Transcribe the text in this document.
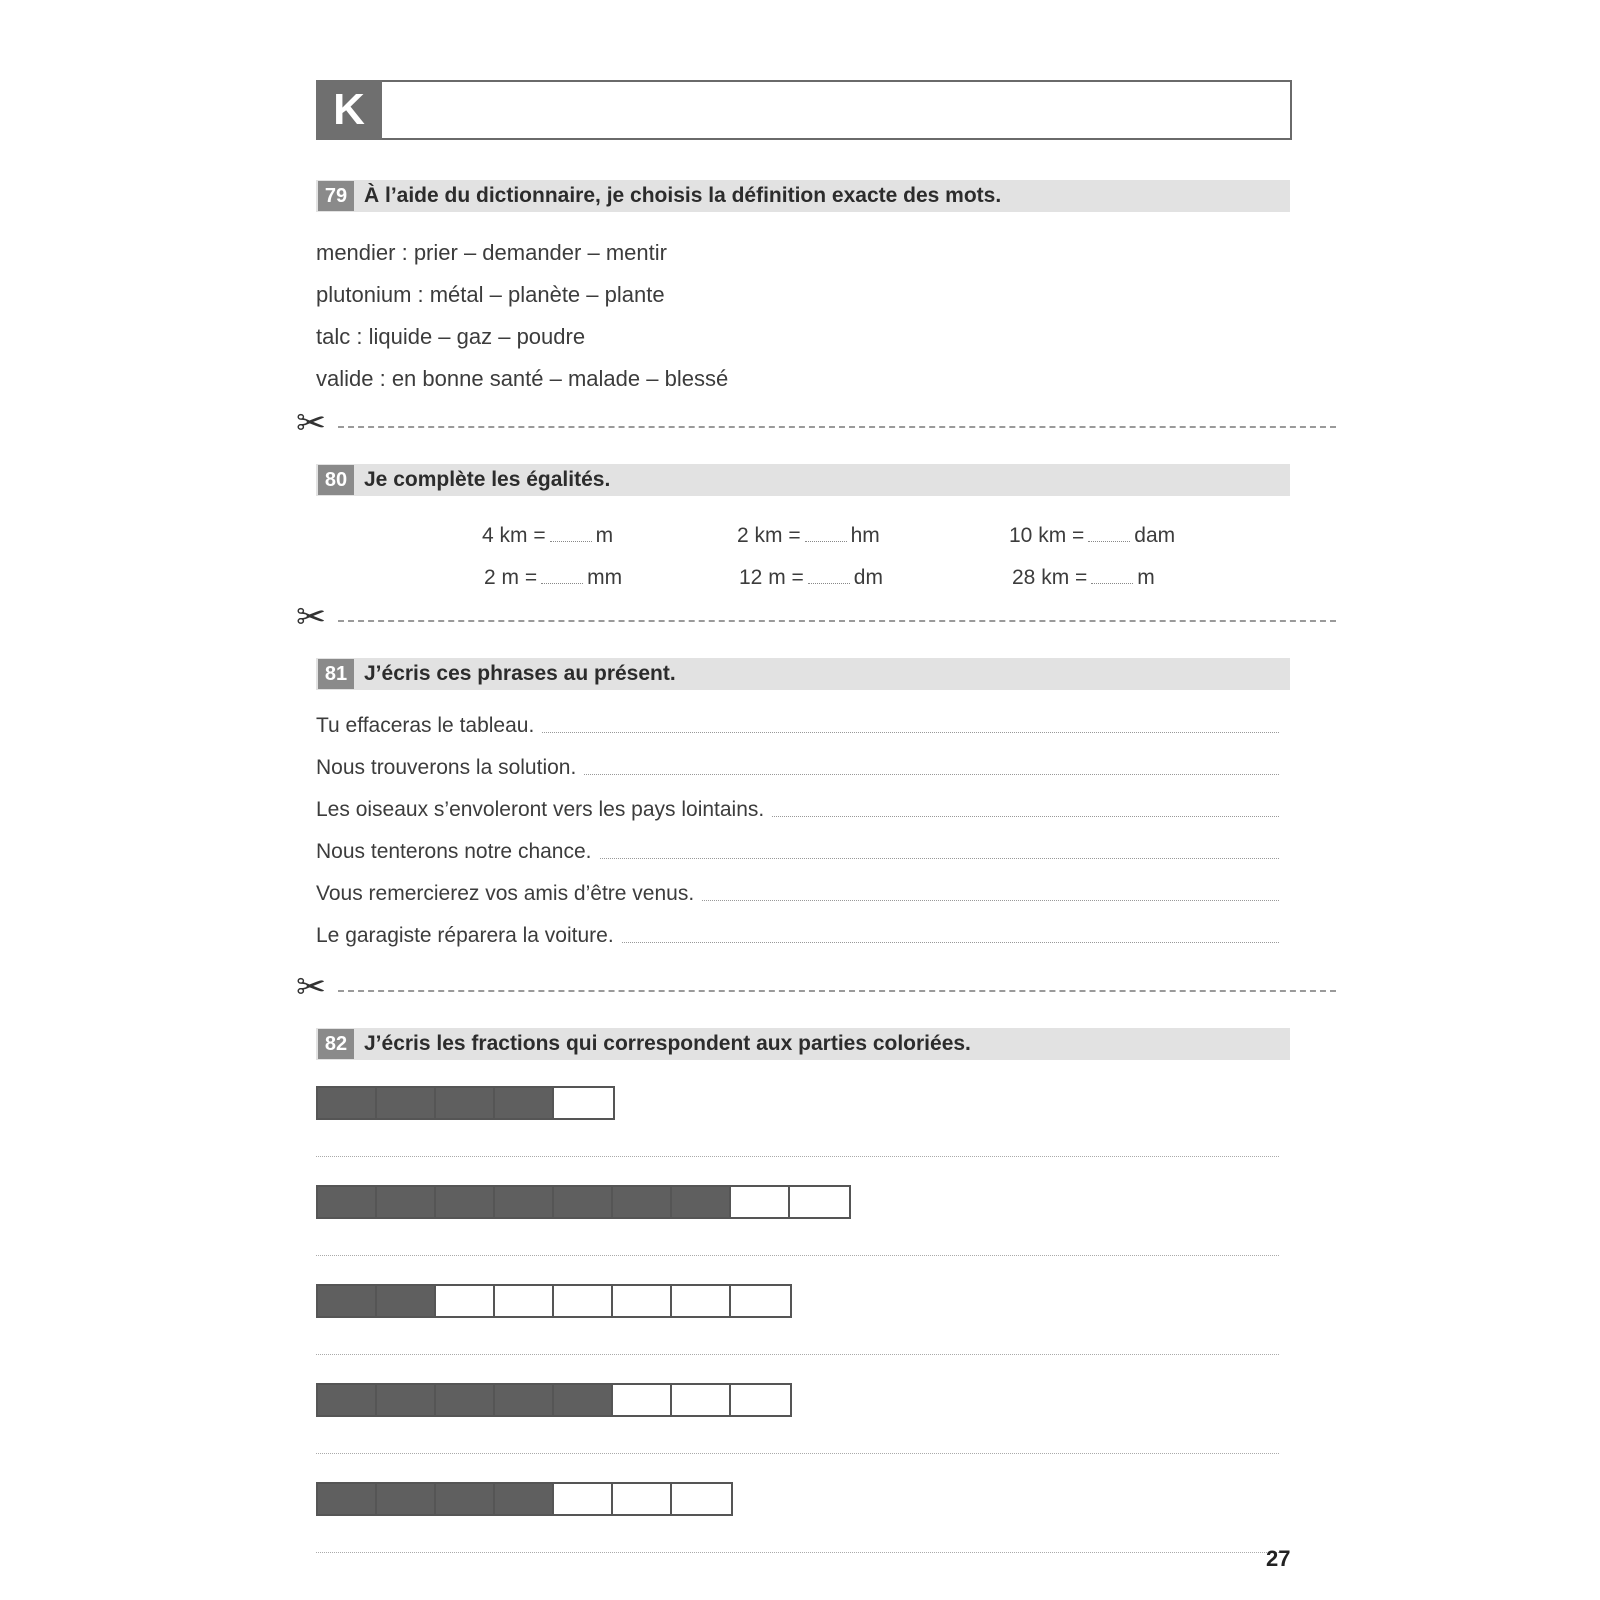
K
79 À l’aide du dictionnaire, je choisis la définition exacte des mots.
mendier : prier – demander – mentir
plutonium : métal – planète – plante
talc : liquide – gaz – poudre
valide : en bonne santé – malade – blessé
✂
80 Je complète les égalités.
4 km = m	2 km = hm	10 km = dam
2 m = mm	12 m = dm	28 km = m
✂
81 J’écris ces phrases au présent.
Tu effaceras le tableau.
Nous trouverons la solution.
Les oiseaux s’envoleront vers les pays lointains.
Nous tenterons notre chance.
Vous remercierez vos amis d’être venus.
Le garagiste réparera la voiture.
✂
82 J’écris les fractions qui correspondent aux parties coloriées.
27
